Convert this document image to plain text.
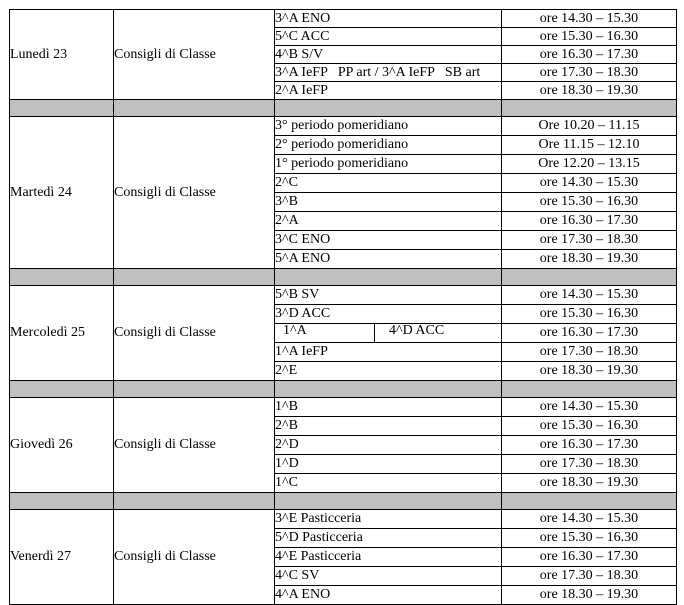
Lunedì 23	Consigli di Classe	3^A ENO	ore 14.30 – 15.30
		5^C ACC	ore 15.30 – 16.30
		4^B S/V	ore 16.30 – 17.30
		3^A IeFP   PP art / 3^A IeFP   SB art	ore 17.30 – 18.30
		2^A IeFP	ore 18.30 – 19.30

Martedì 24	Consigli di Classe	3° periodo pomeridiano	Ore 10.20 – 11.15
		2° periodo pomeridiano	Ore 11.15 – 12.10
		1° periodo pomeridiano	Ore 12.20 – 13.15
		2^C	ore 14.30 – 15.30
		3^B	ore 15.30 – 16.30
		2^A	ore 16.30 – 17.30
		3^C ENO	ore 17.30 – 18.30
		5^A ENO	ore 18.30 – 19.30

Mercoledì 25	Consigli di Classe	5^B SV	ore 14.30 – 15.30
		3^D ACC	ore 15.30 – 16.30

		1^A 4^D ACC	ore 16.30 – 17.30
		1^A IeFP	ore 17.30 – 18.30
		2^E	ore 18.30 – 19.30

Giovedì 26	Consigli di Classe	1^B	ore 14.30 – 15.30
		2^B	ore 15.30 – 16.30
		2^D	ore 16.30 – 17.30
		1^D	ore 17.30 – 18.30
		1^C	ore 18.30 – 19.30

Venerdì 27	Consigli di Classe	3^E Pasticceria	ore 14.30 – 15.30
		5^D Pasticceria	ore 15.30 – 16.30
		4^E Pasticceria	ore 16.30 – 17.30
		4^C SV	ore 17.30 – 18.30
		4^A ENO	ore 18.30 – 19.30
